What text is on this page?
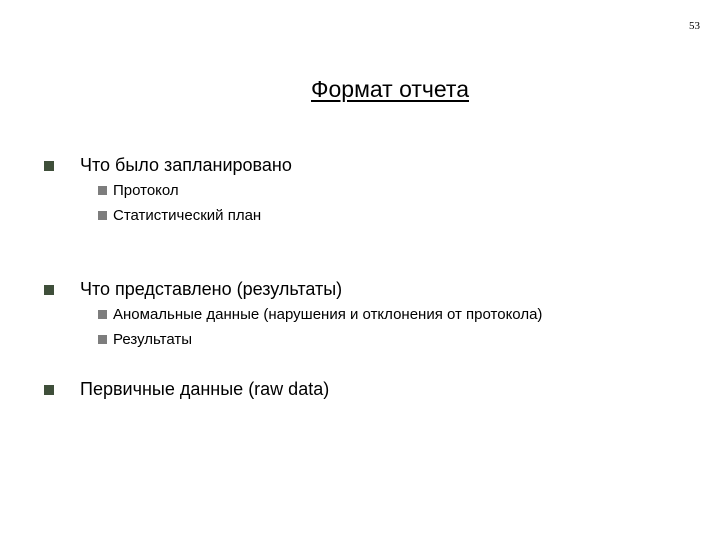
53
Формат отчета
Что было запланировано
Протокол
Статистический план
Что представлено (результаты)
Аномальные данные (нарушения и отклонения от протокола)
Результаты
Первичные данные (raw data)
